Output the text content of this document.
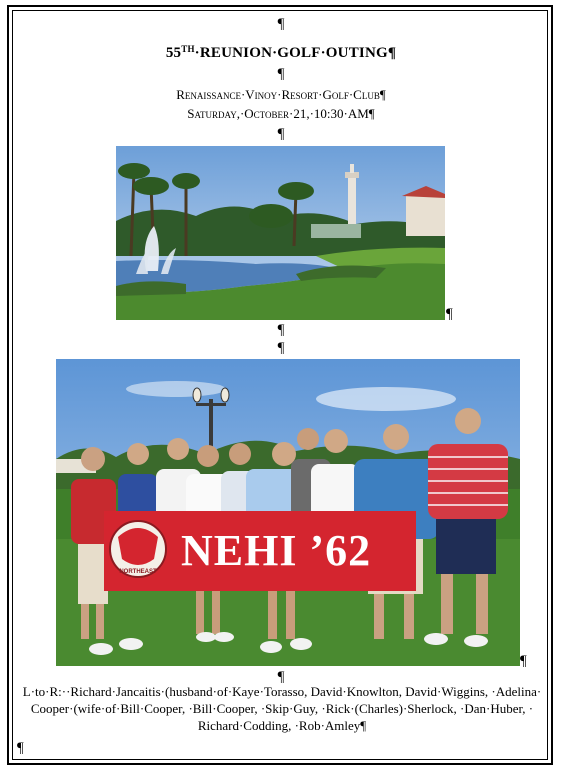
¶
55TH·REUNION·GOLF·OUTING¶
¶
Renaissance·Vinoy·Resort·Golf·Club¶
Saturday,·October·21,·10:30·AM¶
¶
¶
¶
¶
NORTHEAST NEHI ’62
¶
¶
L·to·R:··Richard·Jancaitis·(husband·of·Kaye·Torasso, David·Knowlton, David·Wiggins, ·Adelina· Cooper·(wife·of·Bill·Cooper, ·Bill·Cooper, ·Skip·Guy, ·Rick·(Charles)·Sherlock, ·Dan·Huber, · Richard·Codding, ·Rob·Amley¶
¶
